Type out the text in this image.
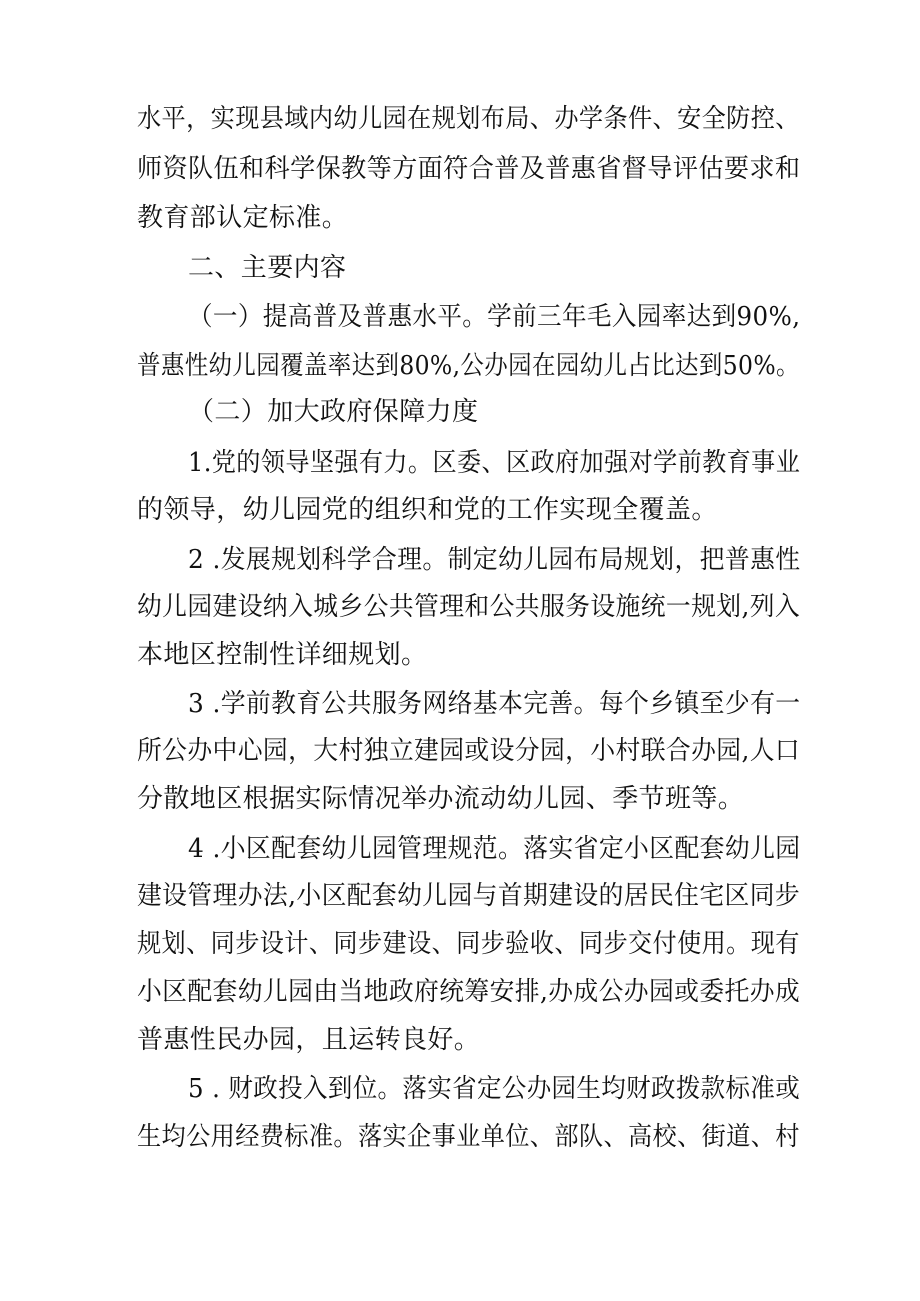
水平，实现县域内幼儿园在规划布局、办学条件、安全防控、
师资队伍和科学保教等方面符合普及普惠省督导评估要求和
教育部认定标准。
二、主要内容
（一）提高普及普惠水平。学前三年毛入园率达到90%,
普惠性幼儿园覆盖率达到80%,公办园在园幼儿占比达到50%。
（二）加大政府保障力度
1.党的领导坚强有力。区委、区政府加强对学前教育事业
的领导，幼儿园党的组织和党的工作实现全覆盖。
2 .发展规划科学合理。制定幼儿园布局规划，把普惠性
幼儿园建设纳入城乡公共管理和公共服务设施统一规划,列入
本地区控制性详细规划。
3 .学前教育公共服务网络基本完善。每个乡镇至少有一
所公办中心园，大村独立建园或设分园，小村联合办园,人口
分散地区根据实际情况举办流动幼儿园、季节班等。
4 .小区配套幼儿园管理规范。落实省定小区配套幼儿园
建设管理办法,小区配套幼儿园与首期建设的居民住宅区同步
规划、同步设计、同步建设、同步验收、同步交付使用。现有
小区配套幼儿园由当地政府统筹安排,办成公办园或委托办成
普惠性民办园，且运转良好。
5 . 财政投入到位。落实省定公办园生均财政拨款标准或
生均公用经费标准。落实企事业单位、部队、高校、街道、村
